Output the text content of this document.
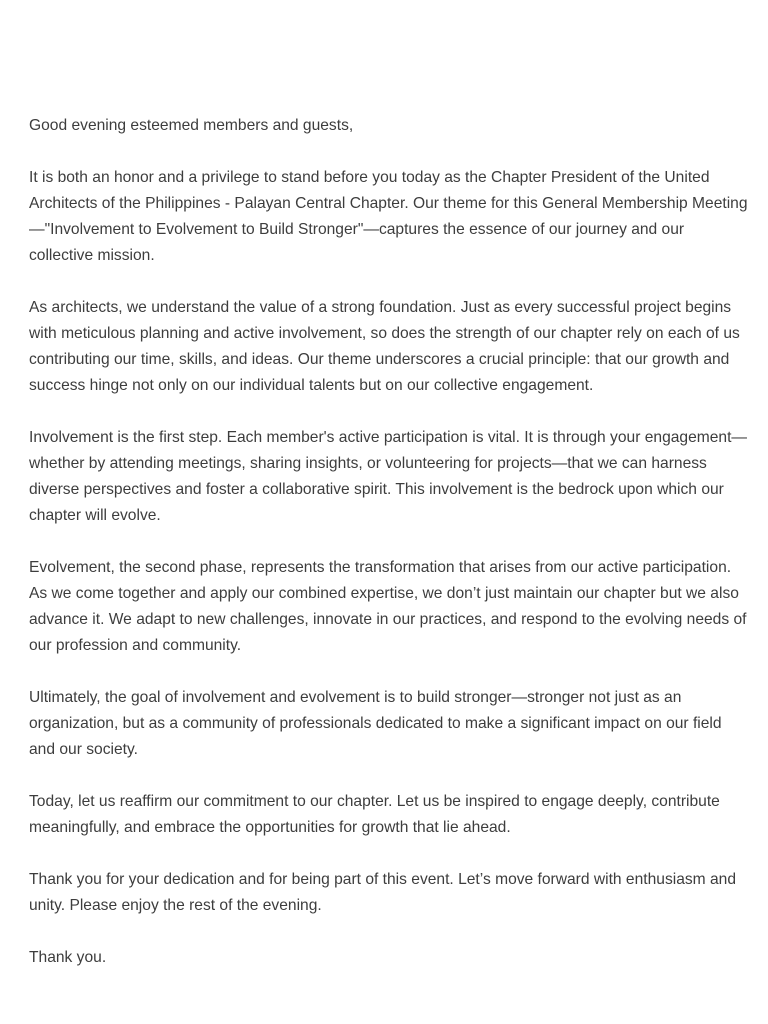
Good evening esteemed members and guests,

It is both an honor and a privilege to stand before you today as the Chapter President of the United Architects of the Philippines - Palayan Central Chapter. Our theme for this General Membership Meeting—"Involvement to Evolvement to Build Stronger"—captures the essence of our journey and our collective mission.

As architects, we understand the value of a strong foundation. Just as every successful project begins with meticulous planning and active involvement, so does the strength of our chapter rely on each of us contributing our time, skills, and ideas. Our theme underscores a crucial principle: that our growth and success hinge not only on our individual talents but on our collective engagement.

Involvement is the first step. Each member's active participation is vital. It is through your engagement—whether by attending meetings, sharing insights, or volunteering for projects—that we can harness diverse perspectives and foster a collaborative spirit. This involvement is the bedrock upon which our chapter will evolve.

Evolvement, the second phase, represents the transformation that arises from our active participation. As we come together and apply our combined expertise, we don’t just maintain our chapter but we also advance it. We adapt to new challenges, innovate in our practices, and respond to the evolving needs of our profession and community.

Ultimately, the goal of involvement and evolvement is to build stronger—stronger not just as an organization, but as a community of professionals dedicated to make a significant impact on our field and our society.

Today, let us reaffirm our commitment to our chapter. Let us be inspired to engage deeply, contribute meaningfully, and embrace the opportunities for growth that lie ahead.

Thank you for your dedication and for being part of this event. Let’s move forward with enthusiasm and unity. Please enjoy the rest of the evening.

Thank you.
